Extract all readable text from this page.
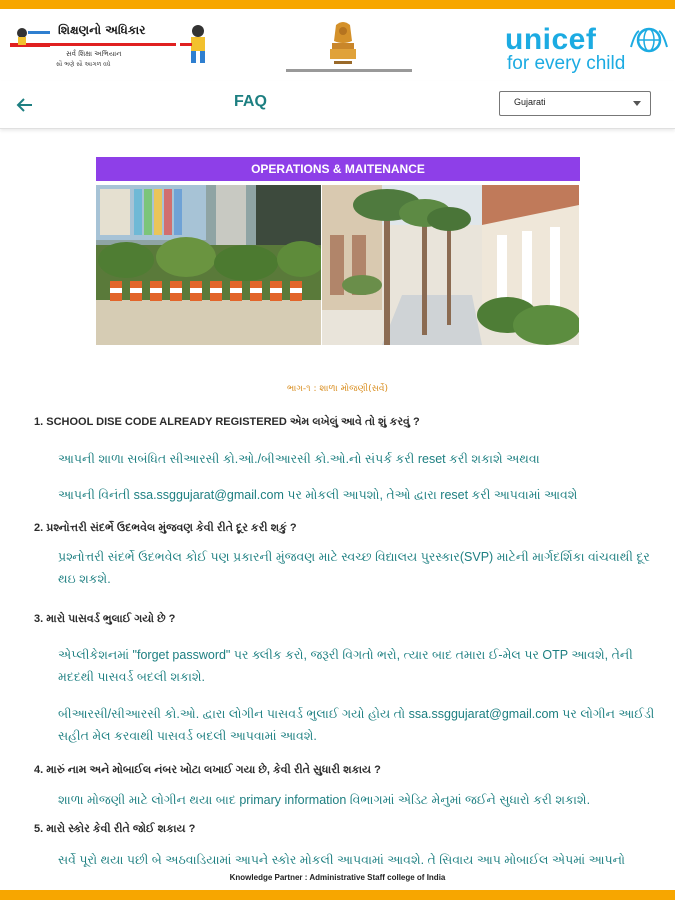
શિક્ષણનો અધિકાર
સર્વ શિક્ષા અભિયાન
સૌ ભણે સૌ આગળ વધે
unicef
for every child
FAQ	Gujarati
OPERATIONS & MAITENANCE
ભાગ-૧ : શાળા મોજણી(સર્વે)
1. SCHOOL DISE CODE ALREADY REGISTERED એમ લખેલું આવે તો શું કરવું ?
આપની શાળા સબંધિત સીઆરસી કો.ઓ./બીઆરસી કો.ઓ.નો સંપર્ક કરી reset કરી શકાશે અથવા
આપની વિનંતી ssa.ssggujarat@gmail.com પર મોકલી આપશો, તેઓ દ્વારા reset કરી આપવામાં આવશે
2. પ્રશ્નોત્તરી સંદર્ભે ઉદભવેલ મુંજવણ કેવી રીતે દૂર કરી શકું ?
પ્રશ્નોત્તરી સંદર્ભે ઉદભવેલ કોઈ પણ પ્રકારની મુંજવણ માટે સ્વચ્છ વિદ્યાલય પુરસ્કાર(SVP) માટેની માર્ગદર્શિકા વાંચવાથી દૂર થઇ શકશે.
3. મારો પાસવર્ડ ભુલાઈ ગયો છે ?
એપ્લીકેશનમાં "forget password" પર ક્લીક કરો, જરૂરી વિગતો ભરો, ત્યાર બાદ તમારા ઈ-મેલ પર OTP આવશે, તેની મદદથી પાસવર્ડ બદલી શકાશે.
બીઆરસી/સીઆરસી કો.ઓ. દ્વારા લોગીન પાસવર્ડ ભુલાઈ ગયો હોય તો ssa.ssggujarat@gmail.com પર લોગીન આઈડી સહીત મેલ કરવાથી પાસવર્ડ બદલી આપવામાં આવશે.
4. મારું નામ અને મોબાઈલ નંબર ખોટા લખાઈ ગયા છે, કેવી રીતે સુધારી શકાય ?
શાળા મોજણી માટે લોગીન થયા બાદ primary information વિભાગમાં એડિટ મેનુમાં જઈને સુધારો કરી શકાશે.
5. મારો સ્કોર કેવી રીતે જોઈ શકાય ?
સર્વે પૂરો થયા પછી બે અઠવાડિયામાં આપને સ્કોર મોકલી આપવામાં આવશે. તે સિવાય આપ મોબાઈલ એપમાં આપનો
Knowledge Partner : Administrative Staff college of India
